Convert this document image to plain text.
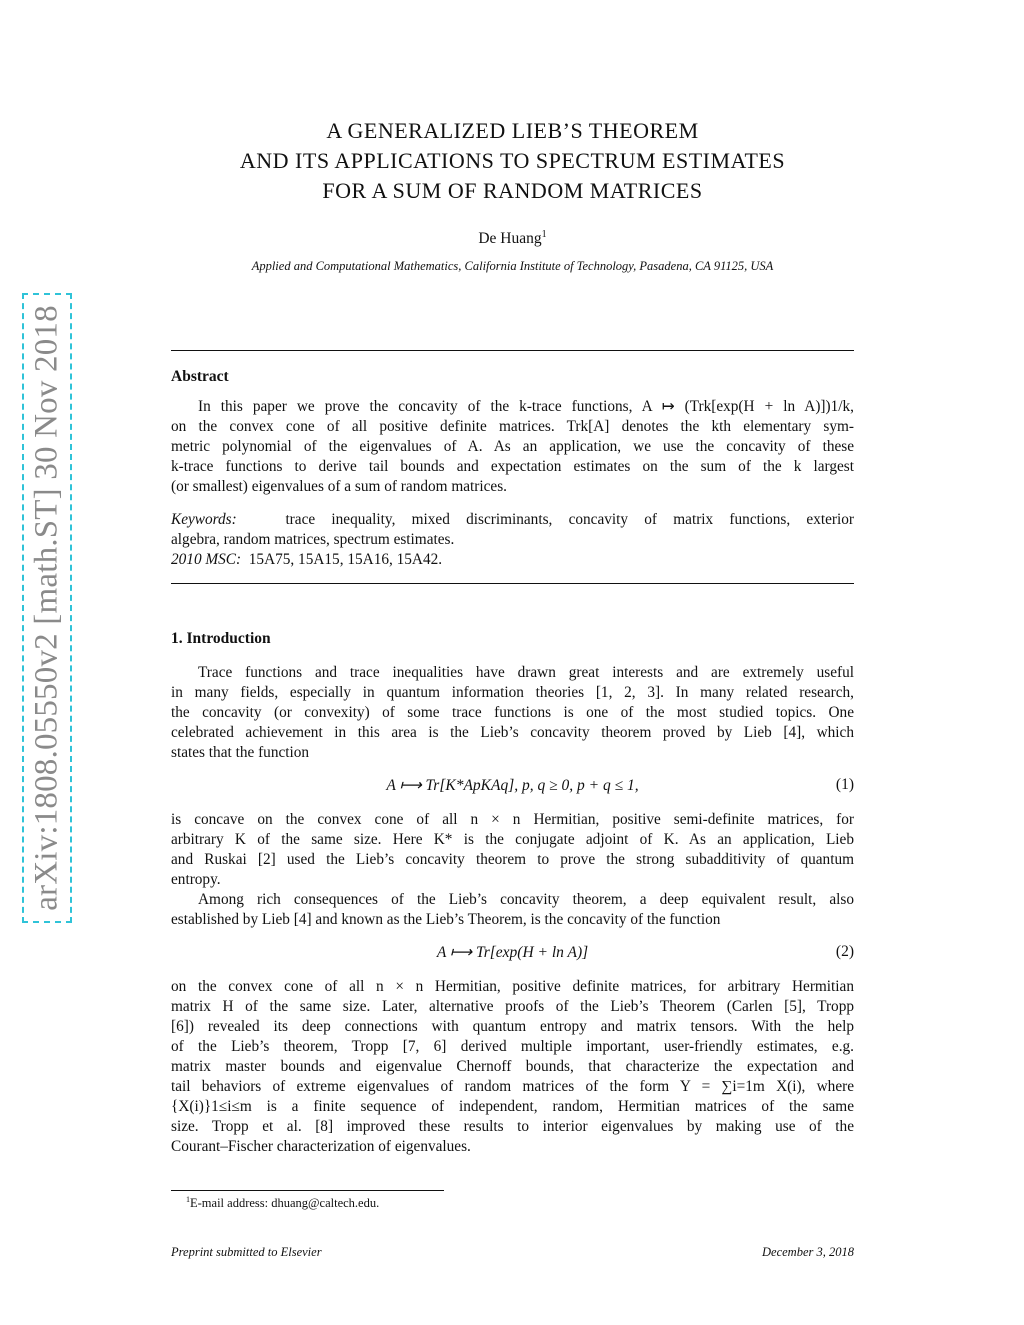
arXiv:1808.05550v2 [math.ST] 30 Nov 2018
A GENERALIZED LIEB’S THEOREM
AND ITS APPLICATIONS TO SPECTRUM ESTIMATES
FOR A SUM OF RANDOM MATRICES
De Huang$^1$
Applied and Computational Mathematics, California Institute of Technology, Pasadena, CA 91125, USA
Abstract
In this paper we prove the concavity of the k-trace functions, A ↦ (Trk[exp(H + ln A)])1/k,
on the convex cone of all positive definite matrices. Trk[A] denotes the kth elementary sym-
metric polynomial of the eigenvalues of A. As an application, we use the concavity of these
k-trace functions to derive tail bounds and expectation estimates on the sum of the k largest
(or smallest) eigenvalues of a sum of random matrices.
Keywords:	trace inequality, mixed discriminants, concavity of matrix functions, exterior
algebra, random matrices, spectrum estimates.
2010 MSC: 15A75, 15A15, 15A16, 15A42.
1. Introduction
Trace functions and trace inequalities have drawn great interests and are extremely useful
in many fields, especially in quantum information theories [1, 2, 3]. In many related research,
the concavity (or convexity) of some trace functions is one of the most studied topics. One
celebrated achievement in this area is the Lieb’s concavity theorem proved by Lieb [4], which
states that the function
A ⟼ Tr[K*ApKAq], p, q ≥ 0, p + q ≤ 1,	(1)
is concave on the convex cone of all n × n Hermitian, positive semi-definite matrices, for
arbitrary K of the same size. Here K* is the conjugate adjoint of K. As an application, Lieb
and Ruskai [2] used the Lieb’s concavity theorem to prove the strong subadditivity of quantum
entropy.
Among rich consequences of the Lieb’s concavity theorem, a deep equivalent result, also
established by Lieb [4] and known as the Lieb’s Theorem, is the concavity of the function
A ⟼ Tr[exp(H + ln A)]	(2)
on the convex cone of all n × n Hermitian, positive definite matrices, for arbitrary Hermitian
matrix H of the same size. Later, alternative proofs of the Lieb’s Theorem (Carlen [5], Tropp
[6]) revealed its deep connections with quantum entropy and matrix tensors. With the help
of the Lieb’s theorem, Tropp [7, 6] derived multiple important, user-friendly estimates, e.g.
matrix master bounds and eigenvalue Chernoff bounds, that characterize the expectation and
tail behaviors of extreme eigenvalues of random matrices of the form Y = ∑i=1m X(i), where
{X(i)}1≤i≤m is a finite sequence of independent, random, Hermitian matrices of the same
size. Tropp et al. [8] improved these results to interior eigenvalues by making use of the
Courant–Fischer characterization of eigenvalues.
$^1$E-mail address: dhuang@caltech.edu.
Preprint submitted to Elsevier	December 3, 2018
